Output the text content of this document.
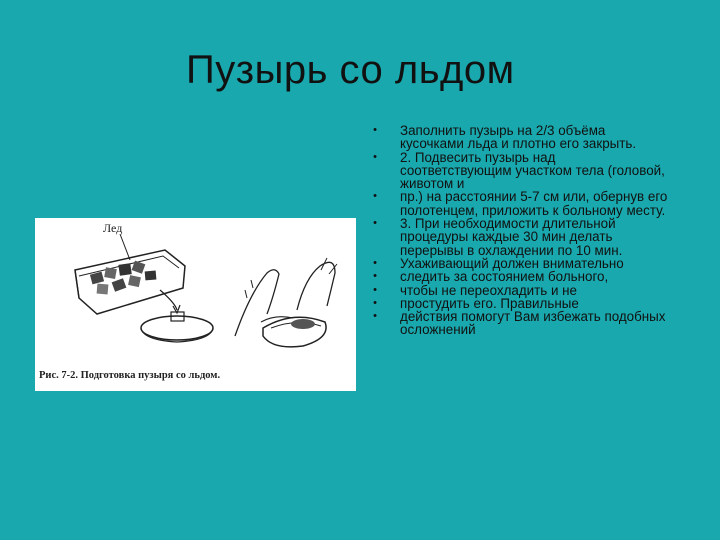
Пузырь со льдом
Лед
Рис. 7-2. Подготовка пузыря со льдом.
• Заполнить пузырь на 2/3 объёма кусочками льда и плотно его закрыть.
• 2. Подвесить пузырь над соответствующим участком тела (головой, животом и
• пр.) на расстоянии 5-7 см или, обернув его полотенцем, приложить к больному месту.
• 3. При необходимости длительной процедуры каждые 30 мин делать перерывы в охлаждении по 10 мин.
• Ухаживающий должен внимательно
• следить за состоянием больного,
• чтобы не переохладить и не
• простудить его. Правильные
• действия помогут Вам избежать подобных осложнений
